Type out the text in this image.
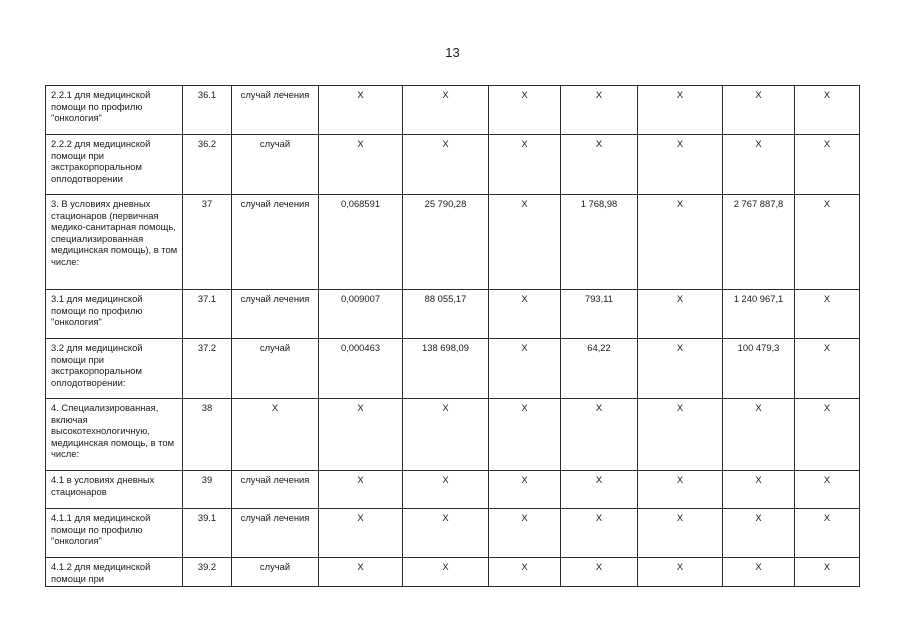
13
2.2.1 для медицинской помощи по профилю "онкология"	36.1	случай лечения	Х	Х	Х	Х	Х	Х	Х
2.2.2 для медицинской помощи при экстракорпоральном оплодотворении	36.2	случай	Х	Х	Х	Х	Х	Х	Х
3. В условиях дневных стационаров (первичная медико-санитарная помощь, специализированная медицинская помощь), в том числе:	37	случай лечения	0,068591	25 790,28	Х	1 768,98	Х	2 767 887,8	Х
3.1 для медицинской помощи по профилю "онкология"	37.1	случай лечения	0,009007	88 055,17	Х	793,11	Х	1 240 967,1	Х
3.2 для медицинской помощи при экстракорпоральном оплодотворении:	37.2	случай	0,000463	138 698,09	Х	64,22	Х	100 479,3	Х
4. Специализированная, включая высокотехнологичную, медицинская помощь, в том числе:	38	Х	Х	Х	Х	Х	Х	Х	Х
4.1 в условиях дневных стационаров	39	случай лечения	Х	Х	Х	Х	Х	Х	Х
4.1.1 для медицинской помощи по профилю "онкология"	39.1	случай лечения	Х	Х	Х	Х	Х	Х	Х
4.1.2 для медицинской помощи при	39.2	случай	Х	Х	Х	Х	Х	Х	Х
